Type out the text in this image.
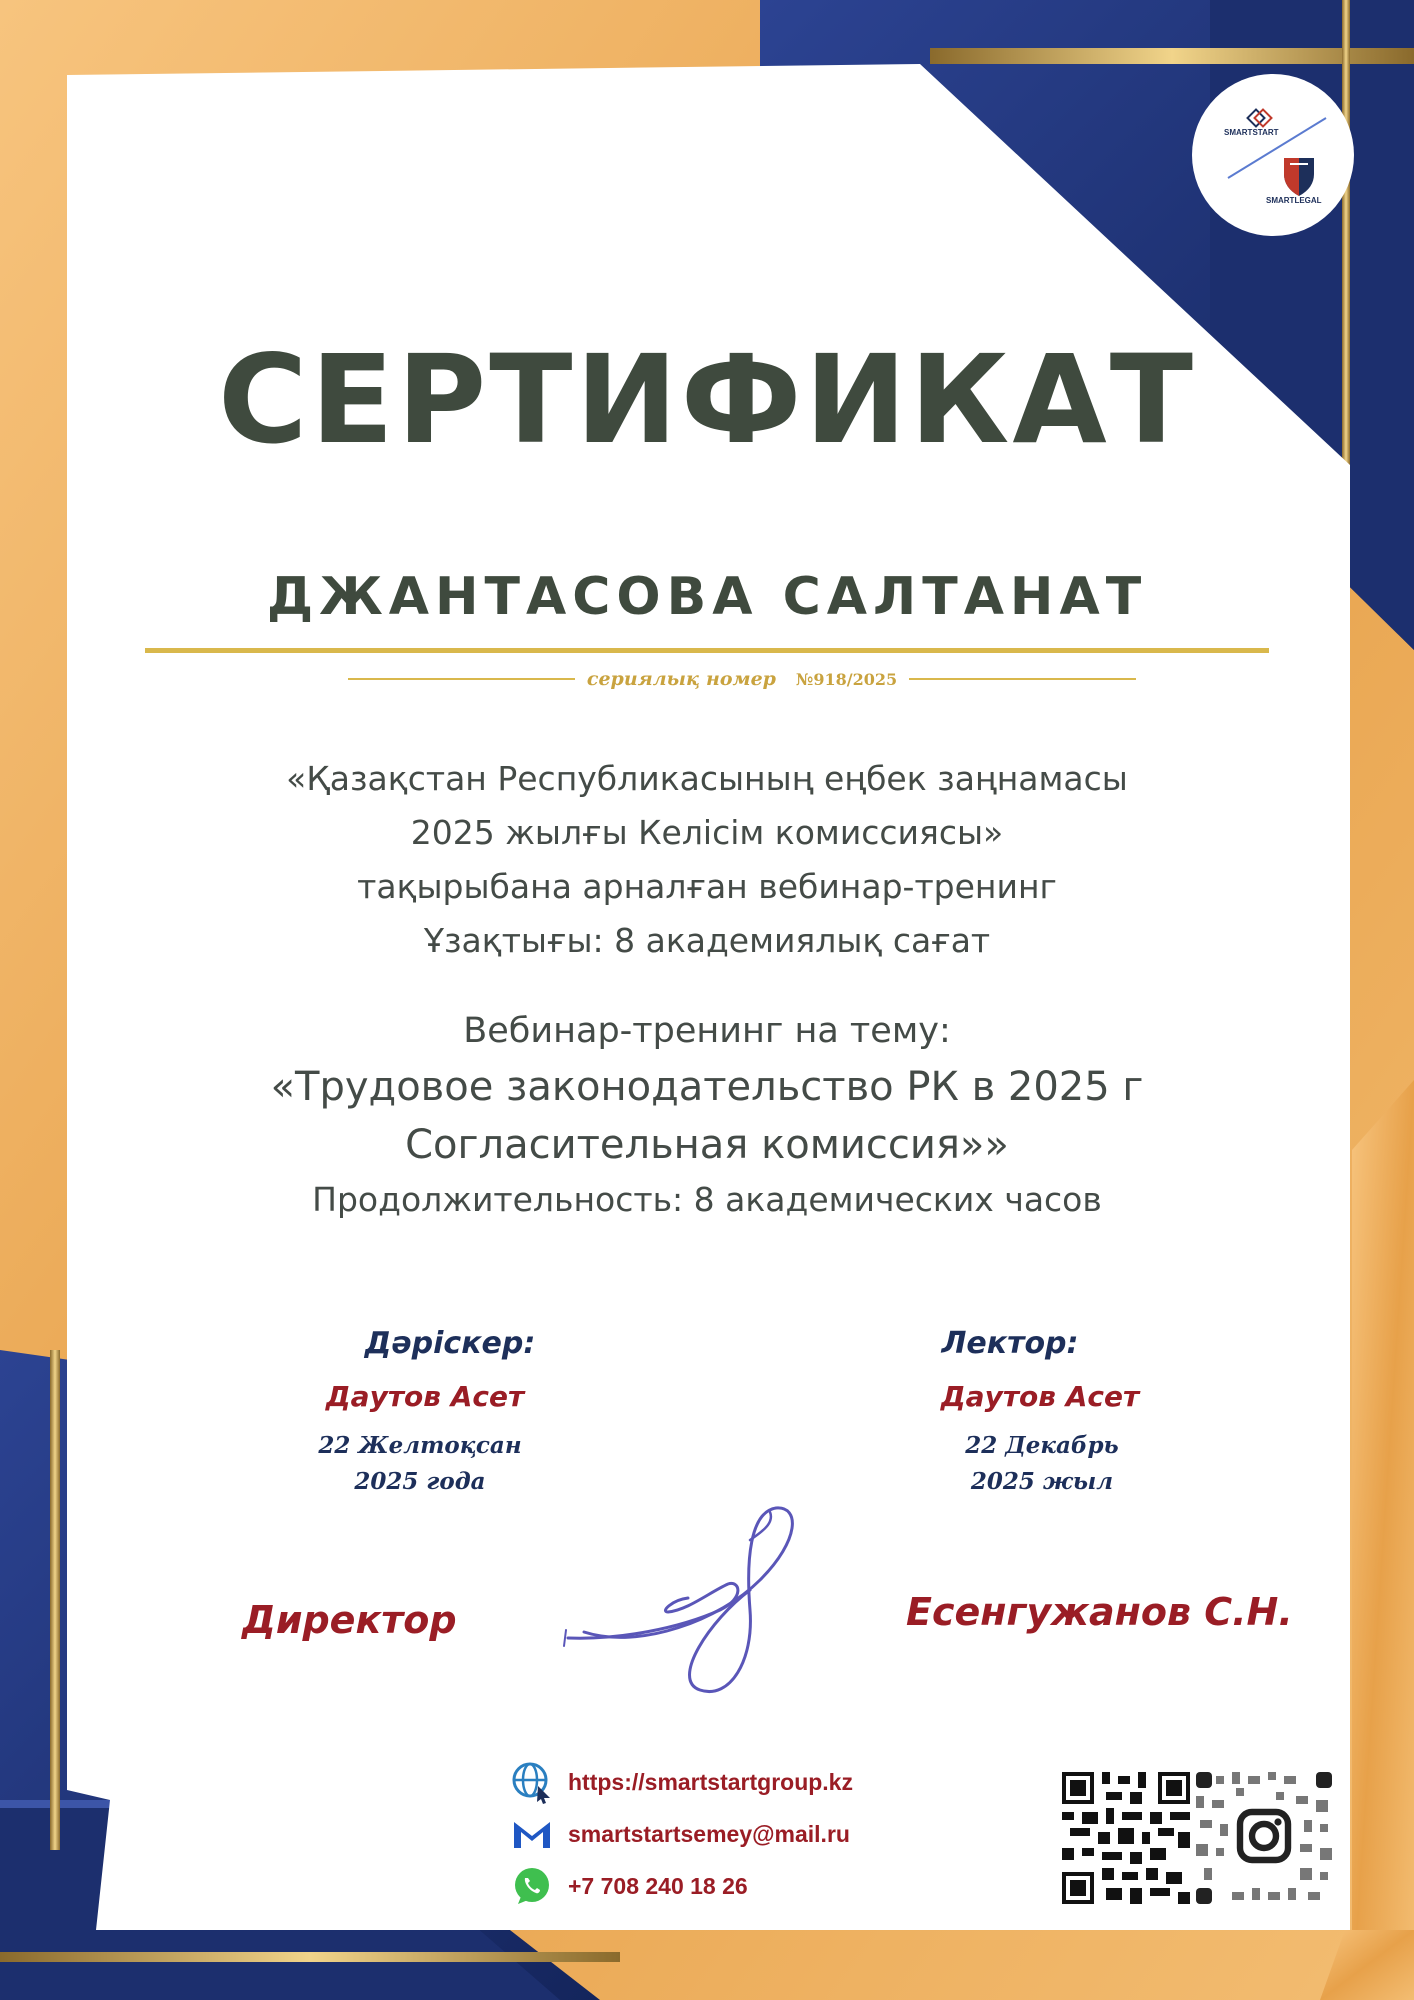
SMARTSTART
SMARTLEGAL
СЕРТИФИКАТ
ДЖАНТАСОВА САЛТАНАТ
сериялық номер №918/2025
«Қазақстан Республикасының еңбек заңнамасы
2025 жылғы Келісім комиссиясы»
тақырыбана арналған вебинар-тренинг
Ұзақтығы: 8 академиялық сағат
Вебинар-тренинг на тему:
«Трудовое законодательство РК в 2025 г
Согласительная комиссия»»
Продолжительность: 8 академических часов
Дәріскер:
Даутов Асет
22 Желтоқсан
2025 года
Лектор:
Даутов Асет
22 Декабрь
2025 жыл
Директор	Есенгужанов С.Н.
https://smartstartgroup.kz
smartstartsemey@mail.ru
+7 708 240 18 26
